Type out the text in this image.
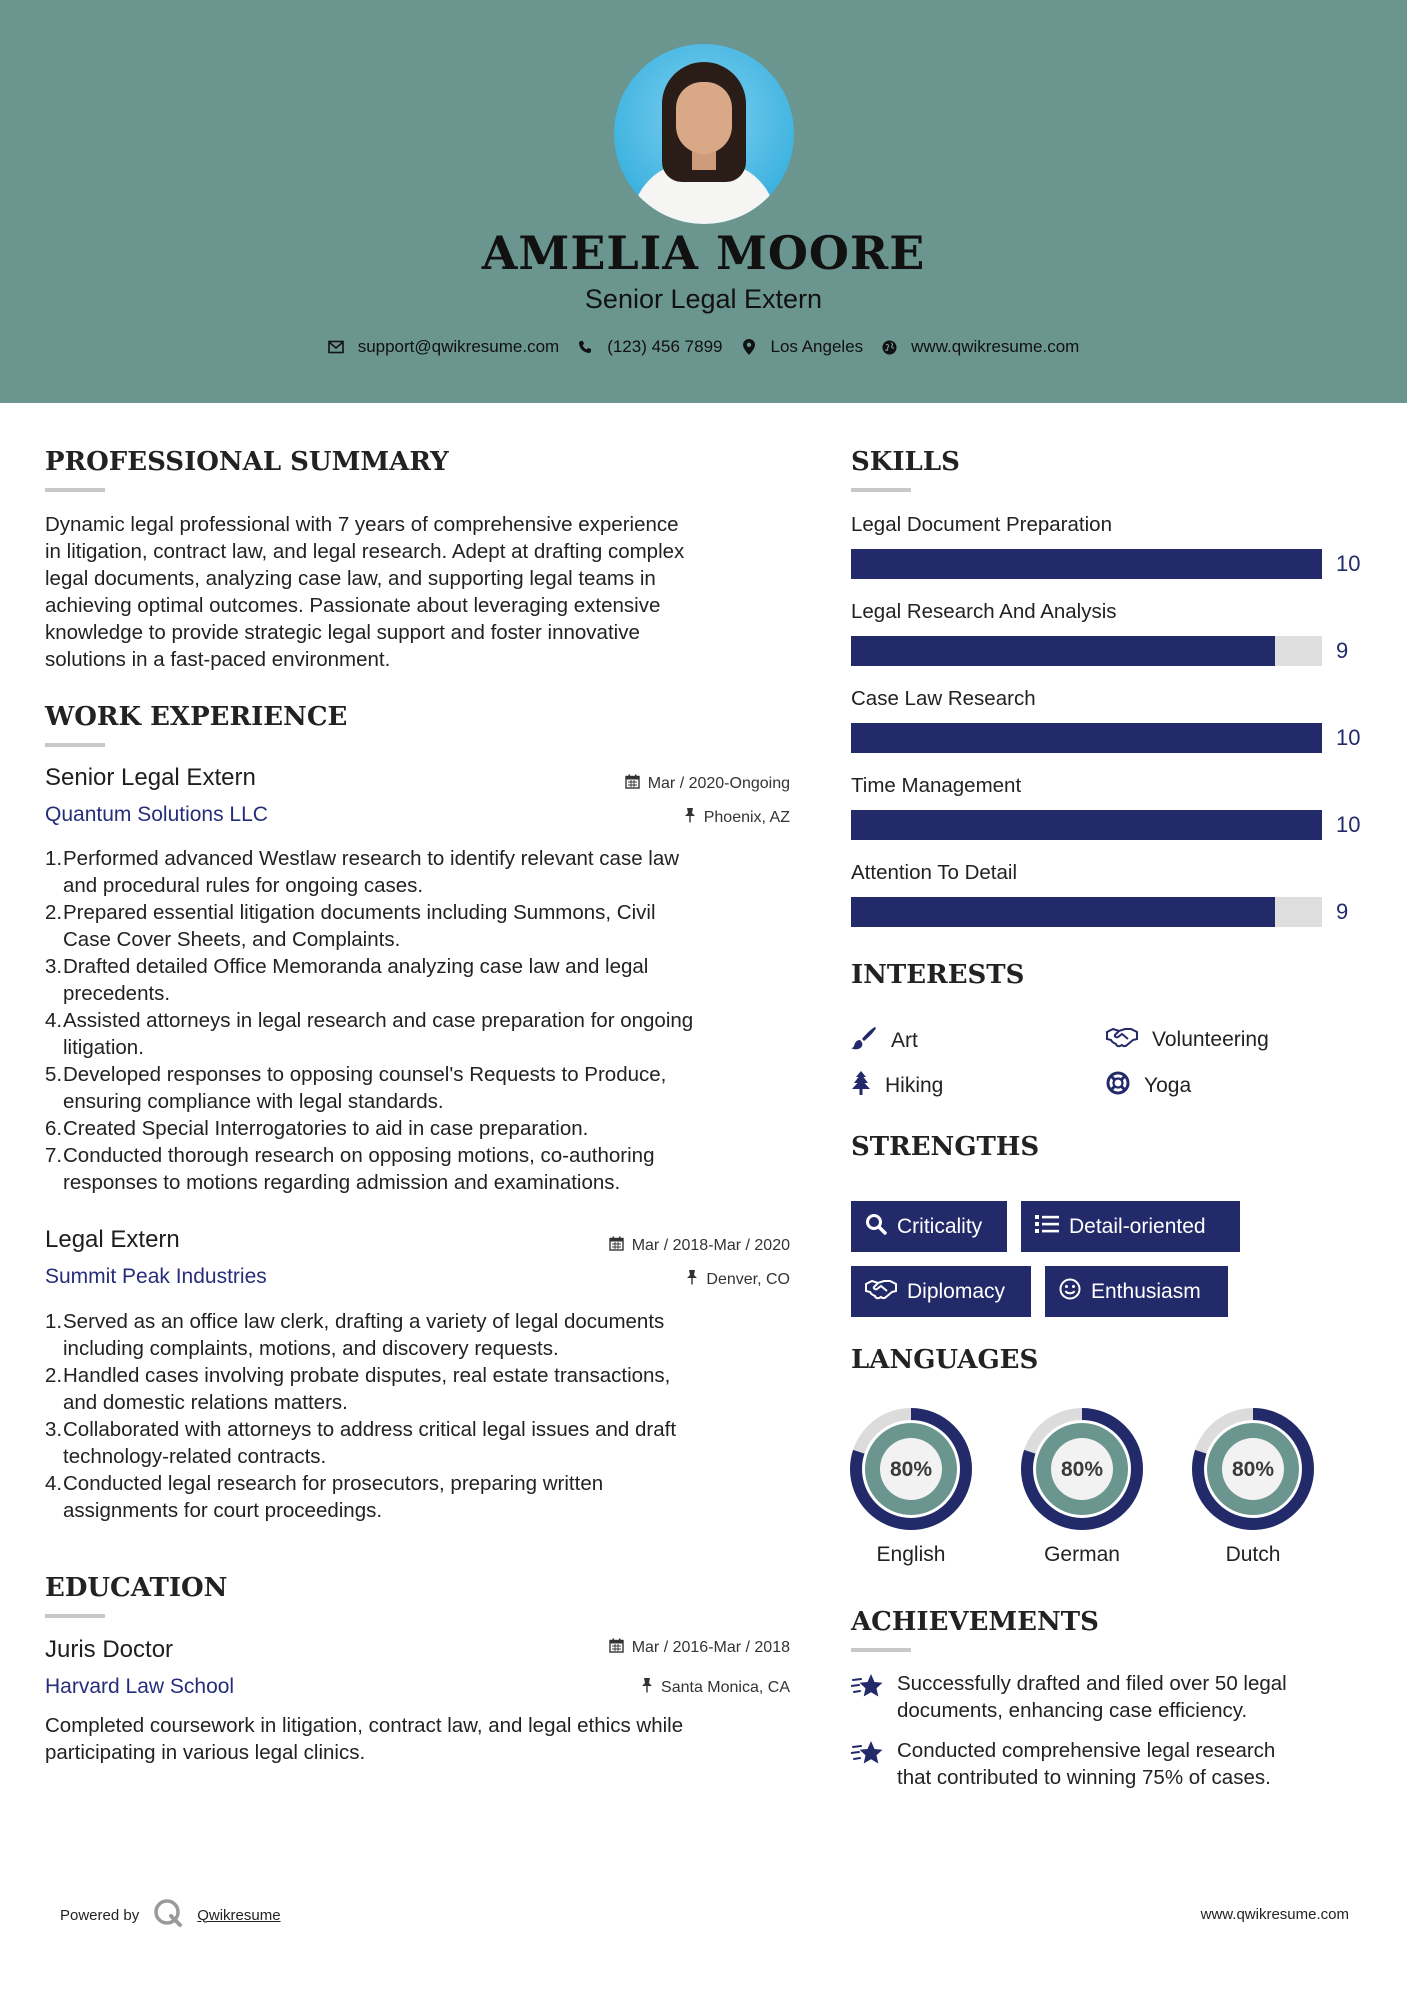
AMELIA MOORE
Senior Legal Extern
support@qwikresume.com	(123) 456 7899	Los Angeles	www.qwikresume.com
PROFESSIONAL SUMMARY
Dynamic legal professional with 7 years of comprehensive experience
in litigation, contract law, and legal research. Adept at drafting complex
legal documents, analyzing case law, and supporting legal teams in
achieving optimal outcomes. Passionate about leveraging extensive
knowledge to provide strategic legal support and foster innovative
solutions in a fast-paced environment.
WORK EXPERIENCE
Senior Legal Extern
Quantum Solutions LLC
Mar / 2020-Ongoing
Phoenix, AZ
1. Performed advanced Westlaw research to identify relevant case law
and procedural rules for ongoing cases.
2. Prepared essential litigation documents including Summons, Civil
Case Cover Sheets, and Complaints.
3. Drafted detailed Office Memoranda analyzing case law and legal
precedents.
4. Assisted attorneys in legal research and case preparation for ongoing
litigation.
5. Developed responses to opposing counsel's Requests to Produce,
ensuring compliance with legal standards.
6. Created Special Interrogatories to aid in case preparation.
7. Conducted thorough research on opposing motions, co-authoring
responses to motions regarding admission and examinations.
Legal Extern
Summit Peak Industries
Mar / 2018-Mar / 2020
Denver, CO
1. Served as an office law clerk, drafting a variety of legal documents
including complaints, motions, and discovery requests.
2. Handled cases involving probate disputes, real estate transactions,
and domestic relations matters.
3. Collaborated with attorneys to address critical legal issues and draft
technology-related contracts.
4. Conducted legal research for prosecutors, preparing written
assignments for court proceedings.
EDUCATION
Juris Doctor
Harvard Law School
Mar / 2016-Mar / 2018
Santa Monica, CA
Completed coursework in litigation, contract law, and legal ethics while
participating in various legal clinics.
SKILLS
Legal Document Preparation
10
Legal Research And Analysis
9
Case Law Research
10
Time Management
10
Attention To Detail
9
INTERESTS
Art	Volunteering
Hiking	Yoga
STRENGTHS
Criticality	Detail-oriented
Diplomacy	Enthusiasm
LANGUAGES
80%
English
80%
German
80%
Dutch
ACHIEVEMENTS
Successfully drafted and filed over 50 legal
documents, enhancing case efficiency.
Conducted comprehensive legal research
that contributed to winning 75% of cases.
Powered by	Qwikresume	www.qwikresume.com
